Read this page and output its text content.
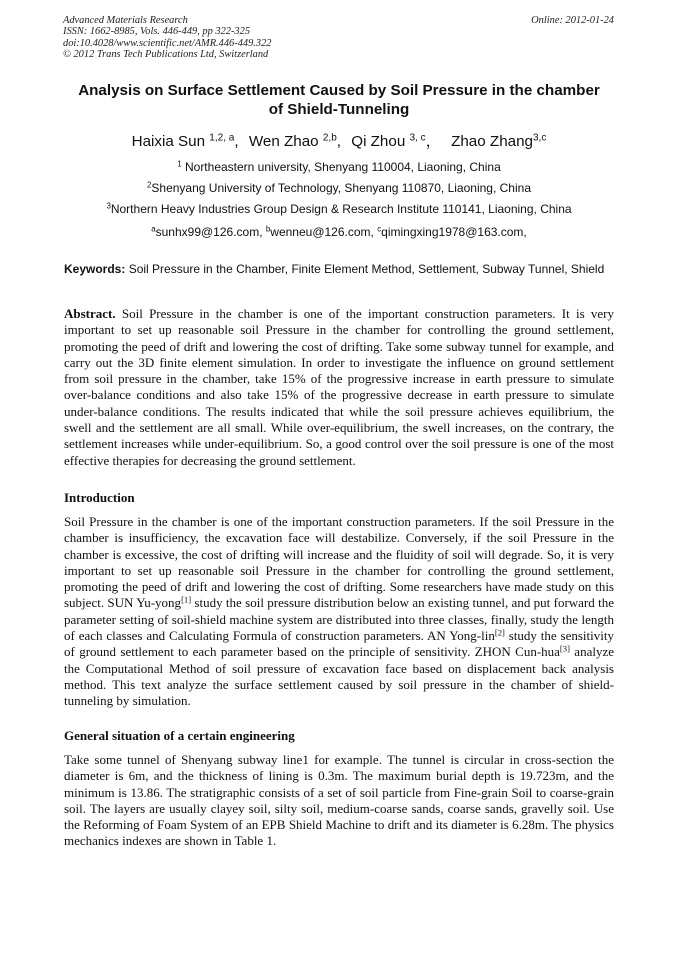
Advanced Materials Research
ISSN: 1662-8985, Vols. 446-449, pp 322-325
doi:10.4028/www.scientific.net/AMR.446-449.322
© 2012 Trans Tech Publications Ltd, Switzerland
Online: 2012-01-24
Analysis on Surface Settlement Caused by Soil Pressure in the chamber
of Shield-Tunneling
Haixia Sun $^{1,2, a}$, Wen Zhao $^{2,b}$, Qi Zhou $^{3, c}$， Zhao Zhang$^{3,c}$
$^1$ Northeastern university, Shenyang 110004, Liaoning, China
$^2$Shenyang University of Technology, Shenyang 110870, Liaoning, China
$^3$Northern Heavy Industries Group Design & Research Institute 110141, Liaoning, China
$^a$sunhx99@126.com, $^b$wenneu@126.com, $^c$qimingxing1978@163.com,
Keywords: Soil Pressure in the Chamber, Finite Element Method, Settlement, Subway Tunnel, Shield
Abstract. Soil Pressure in the chamber is one of the important construction parameters. It is very important to set up reasonable soil Pressure in the chamber for controlling the ground settlement, promoting the peed of drift and lowering the cost of drifting. Take some subway tunnel for example, and carry out the 3D finite element simulation. In order to investigate the influence on ground settlement from soil pressure in the chamber, take 15% of the progressive increase in earth pressure to simulate over-balance conditions and also take 15% of the progressive decrease in earth pressure to simulate under-balance conditions. The results indicated that while the soil pressure achieves equilibrium, the swell and the settlement are all small. While over-equilibrium, the swell increases, on the contrary, the settlement increases while under-equilibrium. So, a good control over the soil pressure is one of the most effective therapies for decreasing the ground settlement.
Introduction
Soil Pressure in the chamber is one of the important construction parameters. If the soil Pressure in the chamber is insufficiency, the excavation face will destabilize. Conversely, if the soil Pressure in the chamber is excessive, the cost of drifting will increase and the fluidity of soil will degrade. So, it is very important to set up reasonable soil Pressure in the chamber for controlling the ground settlement, promoting the peed of drift and lowering the cost of drifting. Some researchers have made study on this subject. SUN Yu-yong[1] study the soil pressure distribution below an existing tunnel, and put forward the parameter setting of soil-shield machine system are distributed into three classes, finally, study the length of each classes and Calculating Formula of construction parameters. AN Yong-lin[2] study the sensitivity of ground settlement to each parameter based on the principle of sensitivity. ZHON Cun-hua[3] analyze the Computational Method of soil pressure of excavation face based on displacement back analysis method. This text analyze the surface settlement caused by soil pressure in the chamber of shield-tunneling by simulation.
General situation of a certain engineering
Take some tunnel of Shenyang subway line1 for example. The tunnel is circular in cross-section the diameter is 6m, and the thickness of lining is 0.3m. The maximum burial depth is 19.723m, and the minimum is 13.86. The stratigraphic consists of a set of soil particle from Fine-grain Soil to coarse-grain soil. The layers are usually clayey soil, silty soil, medium-coarse sands, coarse sands, gravelly soil. Use the Reforming of Foam System of an EPB Shield Machine to drift and its diameter is 6.28m. The physics mechanics indexes are shown in Table 1.
